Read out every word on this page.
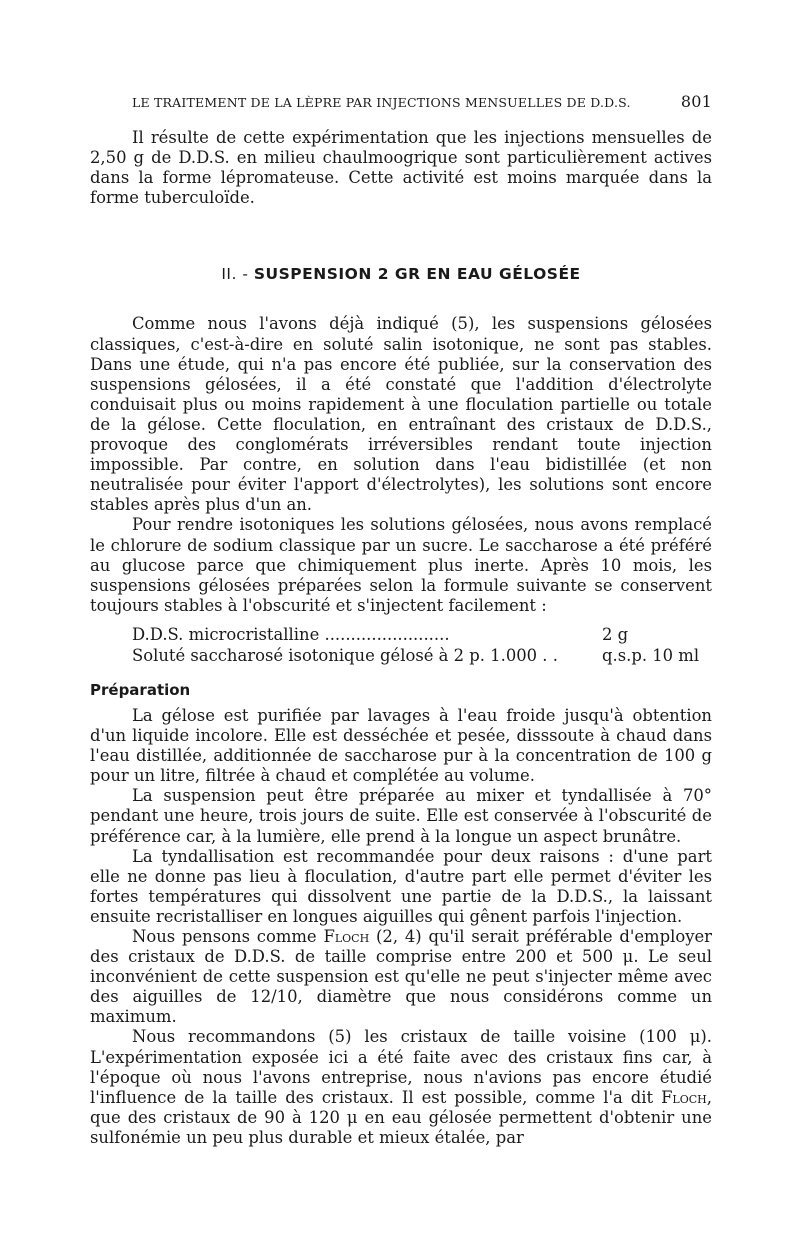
LE TRAITEMENT DE LA LÈPRE PAR INJECTIONS MENSUELLES DE D.D.S.	801

Il résulte de cette expérimentation que les injections mensuelles de 2,50 g de D.D.S. en milieu chaulmoogrique sont particulièrement actives dans la forme lépromateuse. Cette activité est moins marquée dans la forme tuberculoïde.

II. - SUSPENSION 2 GR EN EAU GÉLOSÉE

Comme nous l'avons déjà indiqué (5), les suspensions gélosées classiques, c'est-à-dire en soluté salin isotonique, ne sont pas stables. Dans une étude, qui n'a pas encore été publiée, sur la conservation des suspensions gélosées, il a été constaté que l'addition d'électrolyte conduisait plus ou moins rapidement à une floculation partielle ou totale de la gélose. Cette floculation, en entraînant des cristaux de D.D.S., provoque des conglomérats irréversibles rendant toute injection impossible. Par contre, en solution dans l'eau bidistillée (et non neutralisée pour éviter l'apport d'électrolytes), les solutions sont encore stables après plus d'un an.

Pour rendre isotoniques les solutions gélosées, nous avons remplacé le chlorure de sodium classique par un sucre. Le saccharose a été préféré au glucose parce que chimiquement plus inerte. Après 10 mois, les suspensions gélosées préparées selon la formule suivante se conservent toujours stables à l'obscurité et s'injectent facilement :

D.D.S. microcristalline ........................	2 g
Soluté saccharosé isotonique gélosé à 2 p. 1.000 . .	q.s.p. 10 ml
Préparation

La gélose est purifiée par lavages à l'eau froide jusqu'à obtention d'un liquide incolore. Elle est desséchée et pesée, disssoute à chaud dans l'eau distillée, additionnée de saccharose pur à la concentration de 100 g pour un litre, filtrée à chaud et complétée au volume.

La suspension peut être préparée au mixer et tyndallisée à 70° pendant une heure, trois jours de suite. Elle est conservée à l'obscurité de préférence car, à la lumière, elle prend à la longue un aspect brunâtre.

La tyndallisation est recommandée pour deux raisons : d'une part elle ne donne pas lieu à floculation, d'autre part elle permet d'éviter les fortes températures qui dissolvent une partie de la D.D.S., la laissant ensuite recristalliser en longues aiguilles qui gênent parfois l'injection.

Nous pensons comme Floch (2, 4) qu'il serait préférable d'employer des cristaux de D.D.S. de taille comprise entre 200 et 500 μ. Le seul inconvénient de cette suspension est qu'elle ne peut s'injecter même avec des aiguilles de 12/10, diamètre que nous considérons comme un maximum.

Nous recommandons (5) les cristaux de taille voisine (100 μ). L'expérimentation exposée ici a été faite avec des cristaux fins car, à l'époque où nous l'avons entreprise, nous n'avions pas encore étudié l'influence de la taille des cristaux. Il est possible, comme l'a dit Floch, que des cristaux de 90 à 120 μ en eau gélosée permettent d'obtenir une sulfonémie un peu plus durable et mieux étalée, par
